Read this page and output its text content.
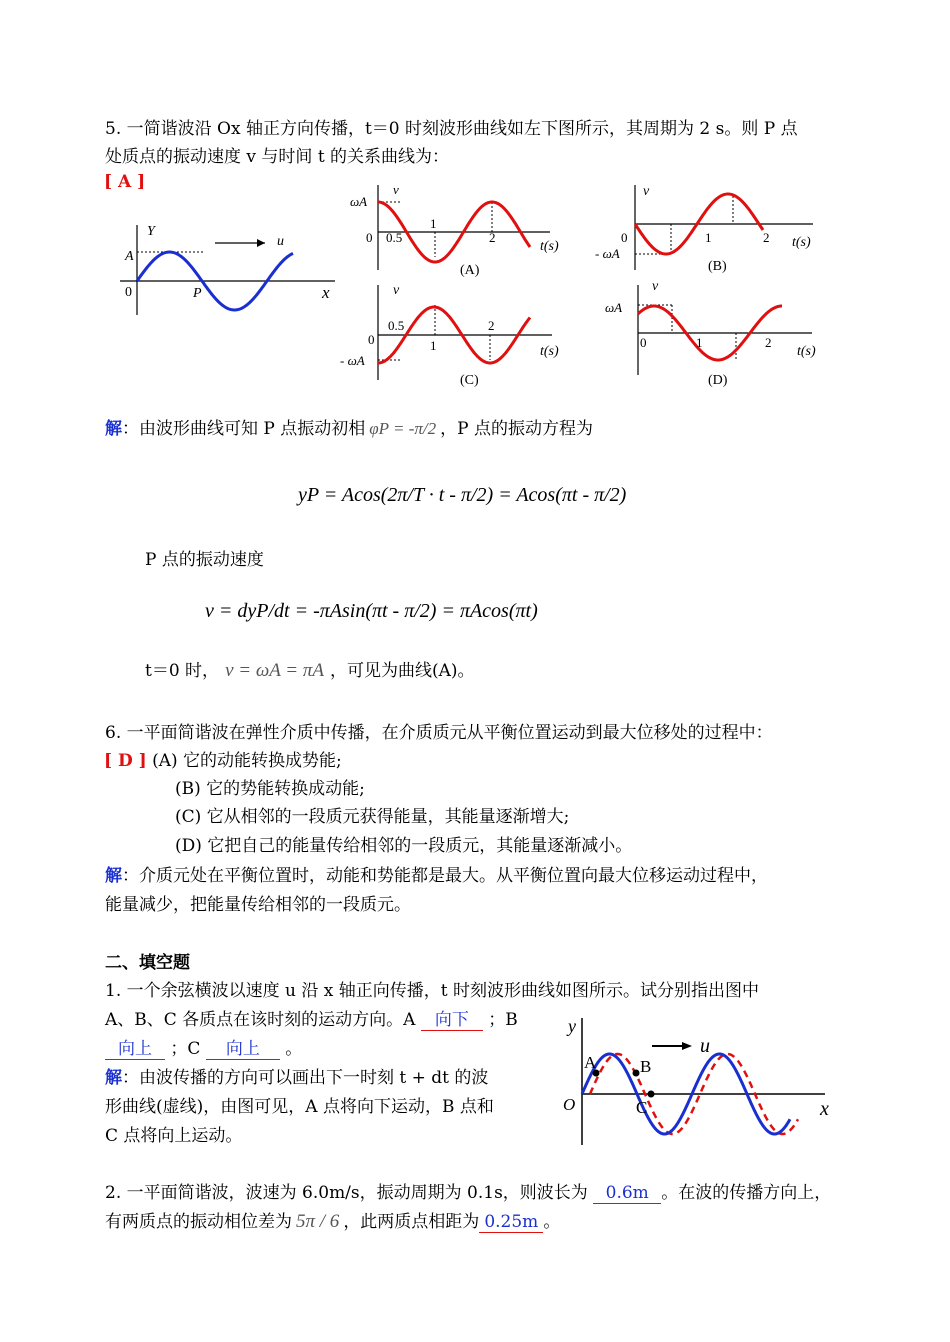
5. 一简谐波沿 Ox 轴正方向传播，t＝0 时刻波形曲线如左下图所示，其周期为 2 s。则 P 点
处质点的振动速度 v 与时间 t 的关系曲线为：
[ A ]
Y
A
0	P	x
u
v
ωA
0 0.5
1
2
t(s)
(A)
v
- ωA
0	1	2 t(s)
(B)
v
- ωA
0
0.5
1
2
t(s)
(C)
v
ωA
0	1	2
t(s)
(D)
解：由波形曲线可知 P 点振动初相 φP = -π/2 ，P 点的振动方程为
yP = Acos(2π/T · t - π/2) = Acos(πt - π/2)
P 点的振动速度
v = dyP/dt = -πAsin(πt - π/2) = πAcos(πt)
t＝0 时， v = ωA = πA ，可见为曲线(A)。
6. 一平面简谐波在弹性介质中传播，在介质质元从平衡位置运动到最大位移处的过程中：
[ D ] (A) 它的动能转换成势能;
(B) 它的势能转换成动能;
(C) 它从相邻的一段质元获得能量，其能量逐渐增大;
(D) 它把自己的能量传给相邻的一段质元，其能量逐渐减小。
解：介质元处在平衡位置时，动能和势能都是最大。从平衡位置向最大位移运动过程中，
能量减少，把能量传给相邻的一段质元。
二、填空题
1. 一个余弦横波以速度 u 沿 x 轴正向传播，t 时刻波形曲线如图所示。试分别指出图中
A、B、C 各质点在该时刻的运动方向。A 向下 ；B
向上 ；C 向上 。
解：由波传播的方向可以画出下一时刻 t + dt 的波
形曲线(虚线)，由图可见，A 点将向下运动，B 点和
C 点将向上运动。
y
u
O	x
A	B
C
2. 一平面简谐波，波速为 6.0m/s，振动周期为 0.1s，则波长为 0.6m 。在波的传播方向上，
有两质点的振动相位差为 5π / 6 ，此两质点相距为 0.25m 。
